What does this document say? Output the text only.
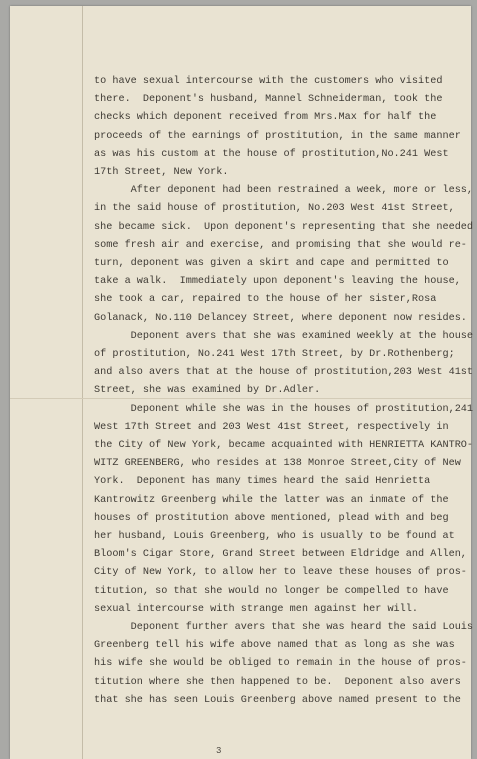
to have sexual intercourse with the customers who visited
there.  Deponent's husband, Mannel Schneiderman, took the
checks which deponent received from Mrs.Max for half the
proceeds of the earnings of prostitution, in the same manner
as was his custom at the house of prostitution,No.241 West
17th Street, New York.
After deponent had been restrained a week, more or less,
in the said house of prostitution, No.203 West 41st Street,
she became sick.  Upon deponent's representing that she needed
some fresh air and exercise, and promising that she would re-
turn, deponent was given a skirt and cape and permitted to
take a walk.  Immediately upon deponent's leaving the house,
she took a car, repaired to the house of her sister,Rosa
Golanack, No.110 Delancey Street, where deponent now resides.
Deponent avers that she was examined weekly at the house
of prostitution, No.241 West 17th Street, by Dr.Rothenberg;
and also avers that at the house of prostitution,203 West 41st
Street, she was examined by Dr.Adler.
Deponent while she was in the houses of prostitution,241
West 17th Street and 203 West 41st Street, respectively in
the City of New York, became acquainted with HENRIETTA KANTRO-
WITZ GREENBERG, who resides at 138 Monroe Street,City of New
York.  Deponent has many times heard the said Henrietta
Kantrowitz Greenberg while the latter was an inmate of the
houses of prostitution above mentioned, plead with and beg
her husband, Louis Greenberg, who is usually to be found at
Bloom's Cigar Store, Grand Street between Eldridge and Allen,
City of New York, to allow her to leave these houses of pros-
titution, so that she would no longer be compelled to have
sexual intercourse with strange men against her will.
Deponent further avers that she was heard the said Louis
Greenberg tell his wife above named that as long as she was
his wife she would be obliged to remain in the house of pros-
titution where she then happened to be.  Deponent also avers
that she has seen Louis Greenberg above named present to the
3
